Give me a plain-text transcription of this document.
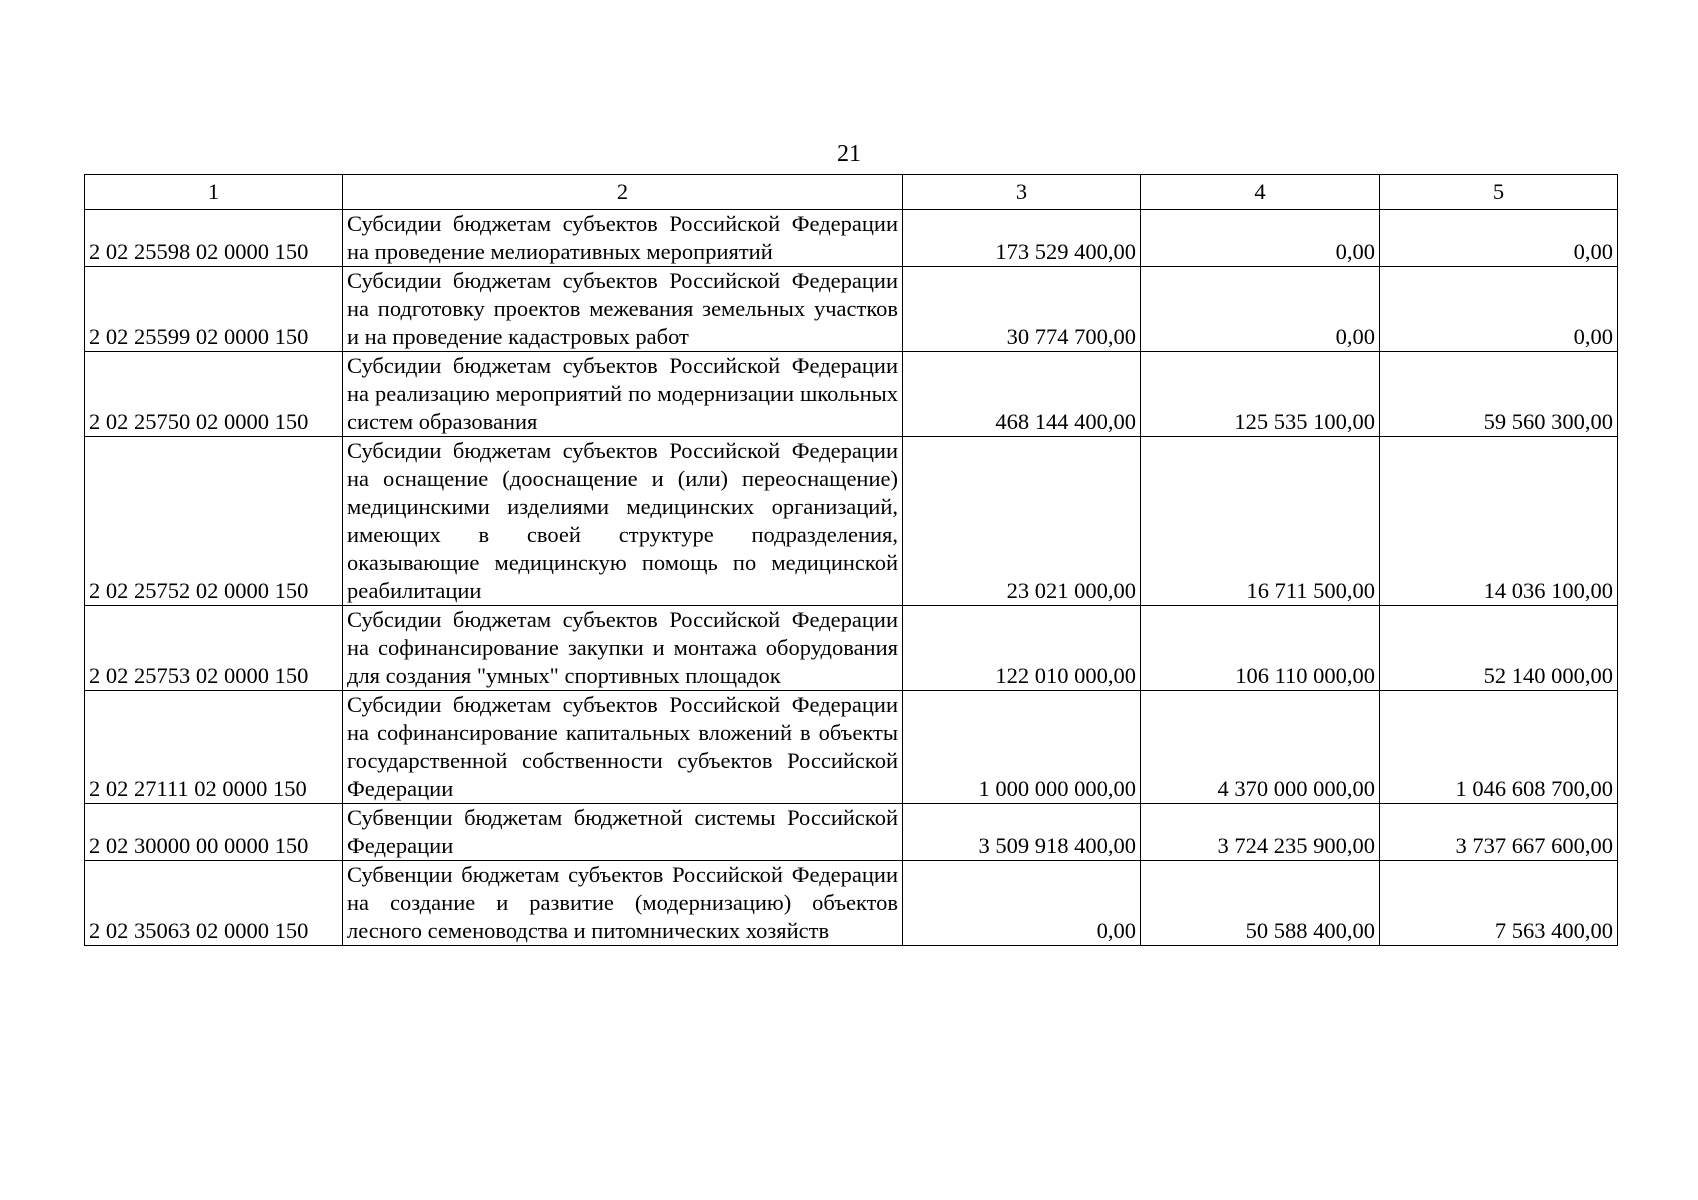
21
1	2	3	4	5
2 02 25598 02 0000 150	Субсидии бюджетам субъектов Российской Федерации на проведение мелиоративных мероприятий	173 529 400,00	0,00	0,00
2 02 25599 02 0000 150	Субсидии бюджетам субъектов Российской Федерации на подготовку проектов межевания земельных участков и на проведение кадастровых работ	30 774 700,00	0,00	0,00
2 02 25750 02 0000 150	Субсидии бюджетам субъектов Российской Федерации на реализацию мероприятий по модернизации школьных систем образования	468 144 400,00	125 535 100,00	59 560 300,00
2 02 25752 02 0000 150	Субсидии бюджетам субъектов Российской Федерации на оснащение (дооснащение и (или) переоснащение) медицинскими изделиями медицинских организаций, имеющих в своей структуре подразделения, оказывающие медицинскую помощь по медицинской реабилитации	23 021 000,00	16 711 500,00	14 036 100,00
2 02 25753 02 0000 150	Субсидии бюджетам субъектов Российской Федерации на софинансирование закупки и монтажа оборудования для создания "умных" спортивных площадок	122 010 000,00	106 110 000,00	52 140 000,00
2 02 27111 02 0000 150	Субсидии бюджетам субъектов Российской Федерации на софинансирование капитальных вложений в объекты государственной собственности субъектов Российской Федерации	1 000 000 000,00	4 370 000 000,00	1 046 608 700,00
2 02 30000 00 0000 150	Субвенции бюджетам бюджетной системы Российской Федерации	3 509 918 400,00	3 724 235 900,00	3 737 667 600,00
2 02 35063 02 0000 150	Субвенции бюджетам субъектов Российской Федерации на создание и развитие (модернизацию) объектов лесного семеноводства и питомнических хозяйств	0,00	50 588 400,00	7 563 400,00
